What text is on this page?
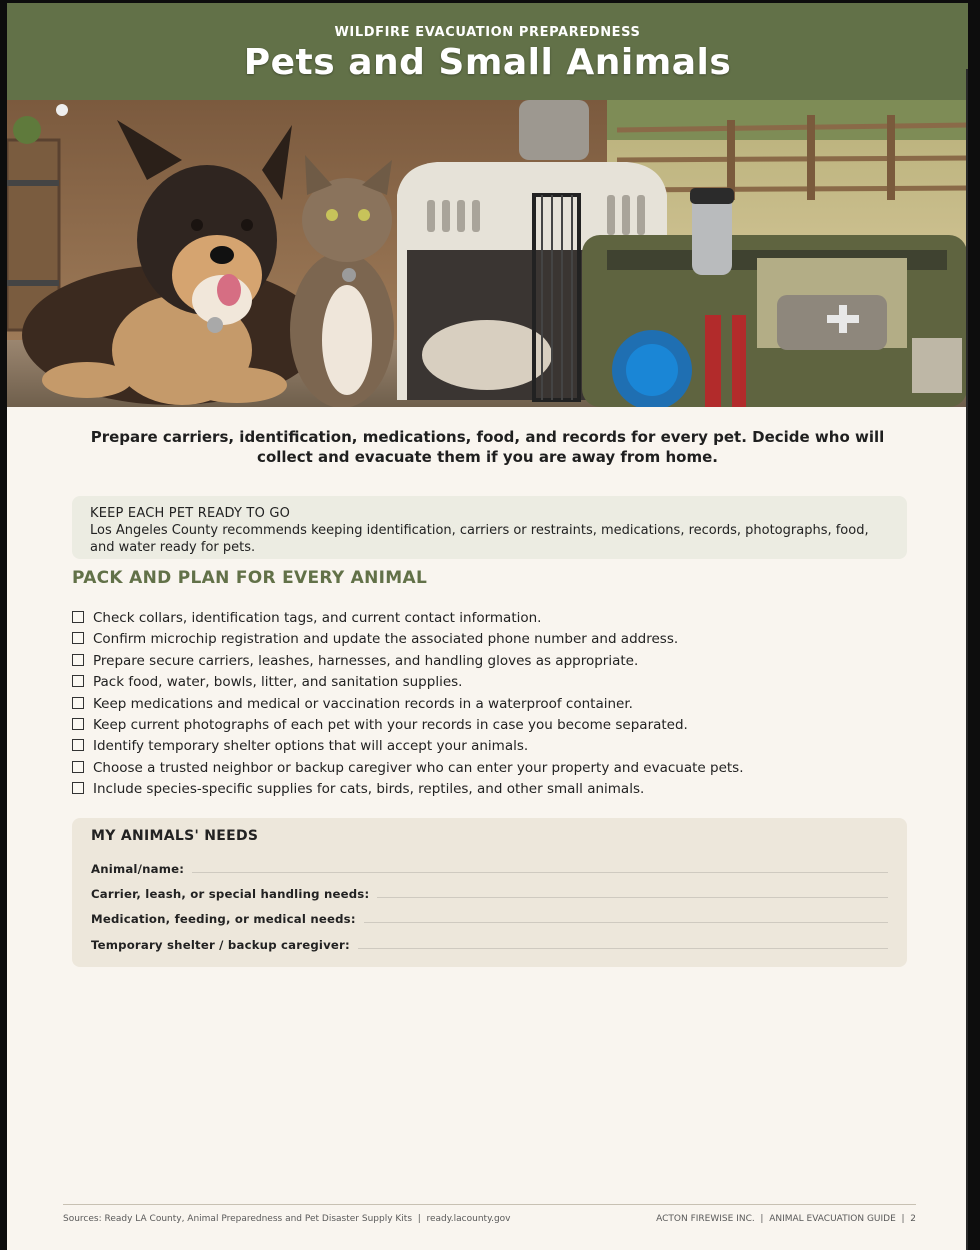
WILDFIRE EVACUATION PREPAREDNESS
Pets and Small Animals
Prepare carriers, identification, medications, food, and records for every pet. Decide who will collect and evacuate them if you are away from home.
KEEP EACH PET READY TO GO
Los Angeles County recommends keeping identification, carriers or restraints, medications, records, photographs, food, and water ready for pets.
PACK AND PLAN FOR EVERY ANIMAL
Check collars, identification tags, and current contact information.
Confirm microchip registration and update the associated phone number and address.
Prepare secure carriers, leashes, harnesses, and handling gloves as appropriate.
Pack food, water, bowls, litter, and sanitation supplies.
Keep medications and medical or vaccination records in a waterproof container.
Keep current photographs of each pet with your records in case you become separated.
Identify temporary shelter options that will accept your animals.
Choose a trusted neighbor or backup caregiver who can enter your property and evacuate pets.
Include species-specific supplies for cats, birds, reptiles, and other small animals.
MY ANIMALS' NEEDS
Animal/name:
Carrier, leash, or special handling needs:
Medication, feeding, or medical needs:
Temporary shelter / backup caregiver:
Sources: Ready LA County, Animal Preparedness and Pet Disaster Supply Kits  |  ready.lacounty.gov	ACTON FIREWISE INC.  |  ANIMAL EVACUATION GUIDE  |  2
